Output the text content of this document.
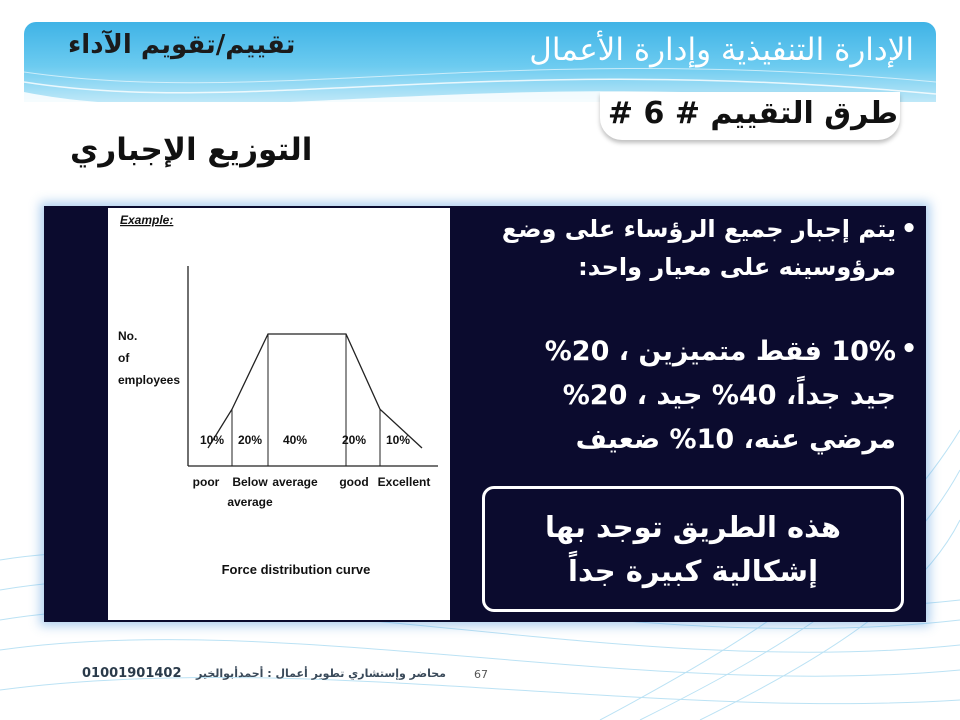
الإدارة التنفيذية وإدارة الأعمال
تقييم/تقويم الآداء
طرق التقييم # 6 #
التوزيع الإجباري
Example:
No.
of
employees
10% 20% 40%	20% 10%
poor Below
average
average good Excellent
Force distribution curve
•
يتم إجبار جميع الرؤساء على وضع مرؤوسينه على معيار واحد:
•
10% فقط متميزين ، 20% جيد جداً، 40% جيد ، 20% مرضي عنه، 10% ضعيف
هذه الطريق توجد بها
إشكالية كبيرة جداً
01001901402 محاضر وإستشاري تطوير أعمال : أحمدأبوالخير	67
